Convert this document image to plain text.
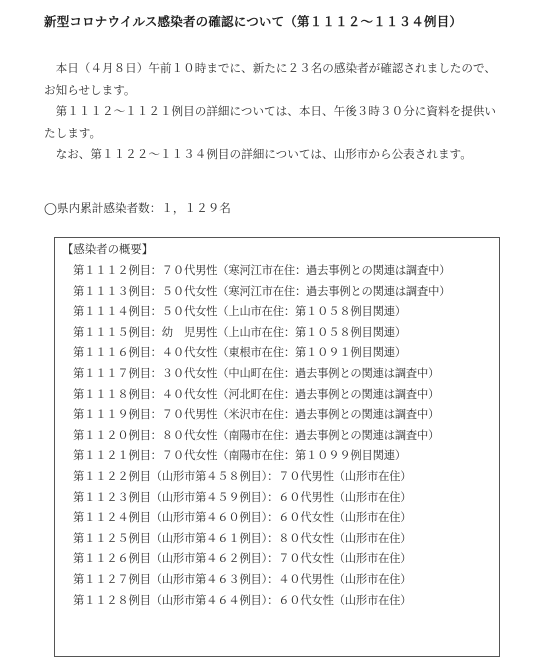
新型コロナウイルス感染者の確認について（第１１１２～１１３４例目）

本日（４月８日）午前１０時までに、新たに２３名の感染者が確認されましたので、お知らせします。

第１１１２～１１２１例目の詳細については、本日、午後３時３０分に資料を提供いたします。

なお、第１１２２～１１３４例目の詳細については、山形市から公表されます。

◯県内累計感染者数：１，１２９名
【感染者の概要】
第１１１２例目：７０代男性（寒河江市在住：過去事例との関連は調査中）
第１１１３例目：５０代女性（寒河江市在住：過去事例との関連は調査中）
第１１１４例目：５０代女性（上山市在住：第１０５８例目関連）
第１１１５例目：幼　児男性（上山市在住：第１０５８例目関連）
第１１１６例目：４０代女性（東根市在住：第１０９１例目関連）
第１１１７例目：３０代女性（中山町在住：過去事例との関連は調査中）
第１１１８例目：４０代女性（河北町在住：過去事例との関連は調査中）
第１１１９例目：７０代男性（米沢市在住：過去事例との関連は調査中）
第１１２０例目：８０代女性（南陽市在住：過去事例との関連は調査中）
第１１２１例目：７０代女性（南陽市在住：第１０９９例目関連）
第１１２２例目（山形市第４５８例目）：７０代男性（山形市在住）
第１１２３例目（山形市第４５９例目）：６０代男性（山形市在住）
第１１２４例目（山形市第４６０例目）：６０代女性（山形市在住）
第１１２５例目（山形市第４６１例目）：８０代女性（山形市在住）
第１１２６例目（山形市第４６２例目）：７０代女性（山形市在住）
第１１２７例目（山形市第４６３例目）：４０代男性（山形市在住）
第１１２８例目（山形市第４６４例目）：６０代女性（山形市在住）
